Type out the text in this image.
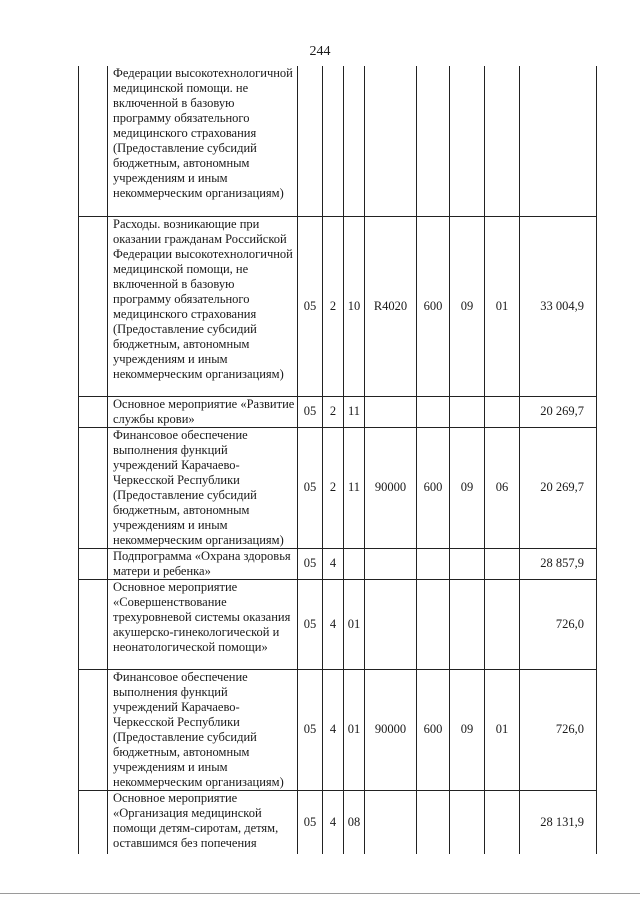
244
	Федерации высокотехнологичной медицинской помощи. не включенной в базовую программу обязательного медицинского страхования (Предоставление субсидий бюджетным, автономным учреждениям и иным некоммерческим организациям)								
	Расходы. возникающие при оказании гражданам Российской Федерации высокотехнологичной медицинской помощи, не включенной в базовую программу обязательного медицинского страхования (Предоставление субсидий бюджетным, автономным учреждениям и иным некоммерческим организациям)	05	2	10	R4020	600	09	01	33 004,9
	Основное мероприятие «Развитие службы крови»	05	2	11					20 269,7
	Финансовое обеспечение выполнения функций учреждений Карачаево-Черкесской Республики (Предоставление субсидий бюджетным, автономным учреждениям и иным некоммерческим организациям)	05	2	11	90000	600	09	06	20 269,7
	Подпрограмма «Охрана здоровья матери и ребенка»	05	4						28 857,9
	Основное мероприятие «Совершенствование трехуровневой системы оказания акушерско-гинекологической и неонатологической помощи»	05	4	01					726,0
	Финансовое обеспечение выполнения функций учреждений Карачаево-Черкесской Республики (Предоставление субсидий бюджетным, автономным учреждениям и иным некоммерческим организациям)	05	4	01	90000	600	09	01	726,0
	Основное мероприятие «Организация медицинской помощи детям-сиротам, детям, оставшимся без попечения	05	4	08					28 131,9
